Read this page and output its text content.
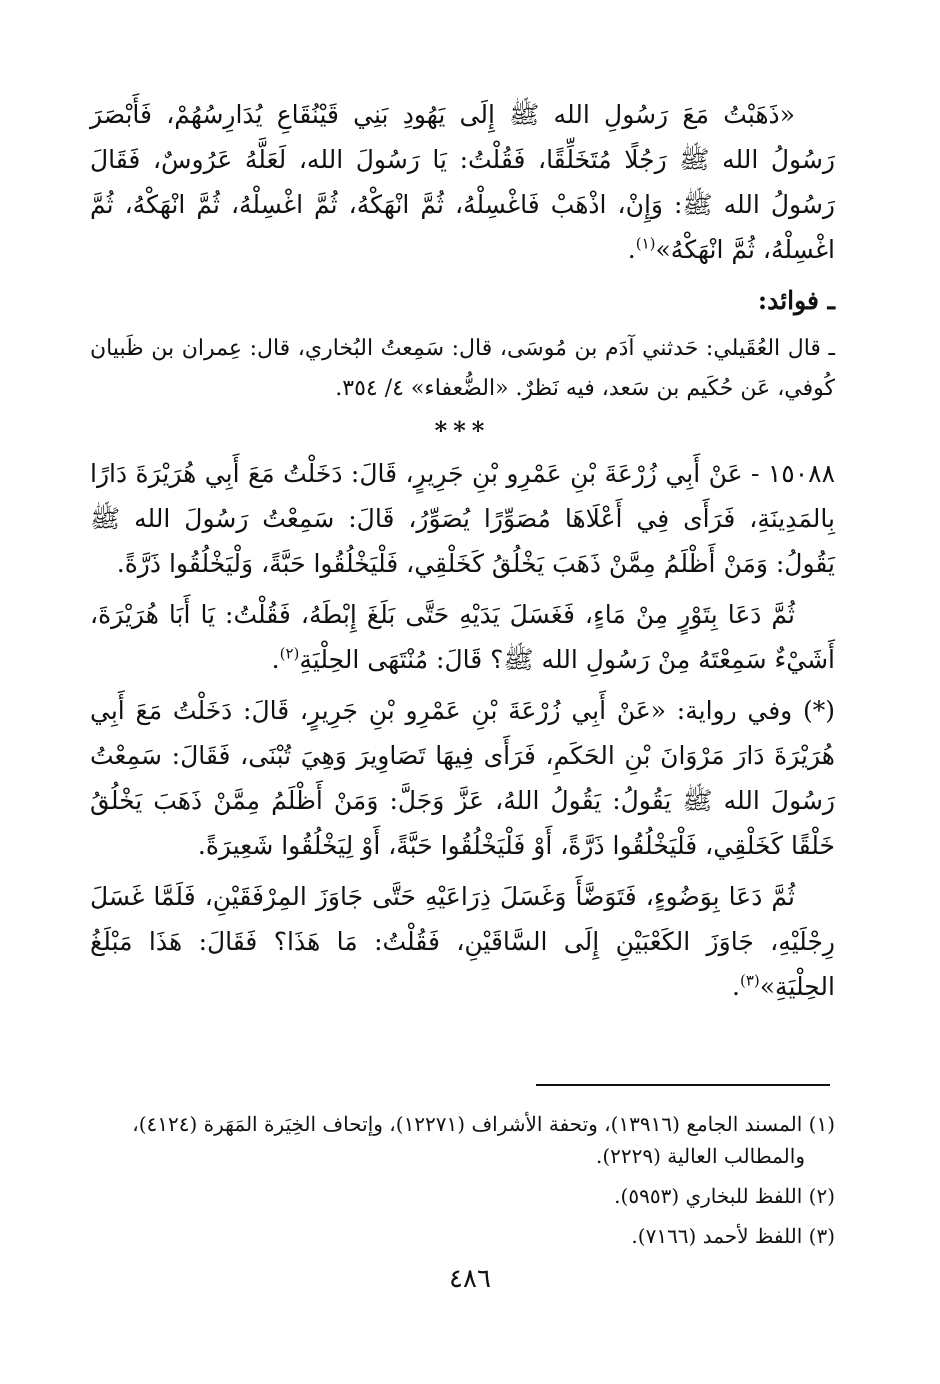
«ذَهَبْتُ مَعَ رَسُولِ الله ﷺ إِلَى يَهُودِ بَنِي قَيْنُقَاعِ يُدَارِسُهُمْ، فَأَبْصَرَ رَسُولُ الله ﷺ رَجُلًا مُتَخَلِّقًا، فَقُلْتُ: يَا رَسُولَ الله، لَعَلَّهُ عَرُوسٌ، فَقَالَ رَسُولُ الله ﷺ: وَإِنْ، اذْهَبْ فَاغْسِلْهُ، ثُمَّ انْهَكْهُ، ثُمَّ اغْسِلْهُ، ثُمَّ انْهَكْهُ، ثُمَّ اغْسِلْهُ، ثُمَّ انْهَكْهُ»$^{(١)}$.

ـ فوائد:

ـ قال العُقَيلي: حَدثني آدَم بن مُوسَى، قال: سَمِعتُ البُخاري، قال: عِمران بن ظَبيان كُوفي، عَن حُكَيم بن سَعد، فيه نَظرٌ. «الضُّعفاء» ٤/ ٣٥٤.

***

١٥٠٨٨ - عَنْ أَبِي زُرْعَةَ بْنِ عَمْرِو بْنِ جَرِيرٍ، قَالَ: دَخَلْتُ مَعَ أَبِي هُرَيْرَةَ دَارًا بِالمَدِينَةِ، فَرَأَى فِي أَعْلَاهَا مُصَوِّرًا يُصَوِّرُ، قَالَ: سَمِعْتُ رَسُولَ الله ﷺ يَقُولُ: وَمَنْ أَظْلَمُ مِمَّنْ ذَهَبَ يَخْلُقُ كَخَلْقِي، فَلْيَخْلُقُوا حَبَّةً، وَلْيَخْلُقُوا ذَرَّةً.

ثُمَّ دَعَا بِتَوْرٍ مِنْ مَاءٍ، فَغَسَلَ يَدَيْهِ حَتَّى بَلَغَ إِبْطَهُ، فَقُلْتُ: يَا أَبَا هُرَيْرَةَ، أَشَيْءٌ سَمِعْتَهُ مِنْ رَسُولِ الله ﷺ؟ قَالَ: مُنْتَهَى الحِلْيَةِ$^{(٢)}$.

(*) وفي رواية: «عَنْ أَبِي زُرْعَةَ بْنِ عَمْرِو بْنِ جَرِيرٍ، قَالَ: دَخَلْتُ مَعَ أَبِي هُرَيْرَةَ دَارَ مَرْوَانَ بْنِ الحَكَمِ، فَرَأَى فِيهَا تَصَاوِيرَ وَهِيَ تُبْنَى، فَقَالَ: سَمِعْتُ رَسُولَ الله ﷺ يَقُولُ: يَقُولُ اللهُ، عَزَّ وَجَلَّ: وَمَنْ أَظْلَمُ مِمَّنْ ذَهَبَ يَخْلُقُ خَلْقًا كَخَلْقِي، فَلْيَخْلُقُوا ذَرَّةً، أَوْ فَلْيَخْلُقُوا حَبَّةً، أَوْ لِيَخْلُقُوا شَعِيرَةً.

ثُمَّ دَعَا بِوَضُوءٍ، فَتَوَضَّأَ وَغَسَلَ ذِرَاعَيْهِ حَتَّى جَاوَزَ المِرْفَقَيْنِ، فَلَمَّا غَسَلَ رِجْلَيْهِ، جَاوَزَ الكَعْبَيْنِ إِلَى السَّاقَيْنِ، فَقُلْتُ: مَا هَذَا؟ فَقَالَ: هَذَا مَبْلَغُ الحِلْيَةِ»$^{(٣)}$.

(١) المسند الجامع (١٣٩١٦)، وتحفة الأشراف (١٢٢٧١)، وإتحاف الخِيَرة المَهَرة (٤١٢٤)،
والمطالب العالية (٢٢٢٩).
(٢) اللفظ للبخاري (٥٩٥٣).
(٣) اللفظ لأحمد (٧١٦٦).
٤٨٦
